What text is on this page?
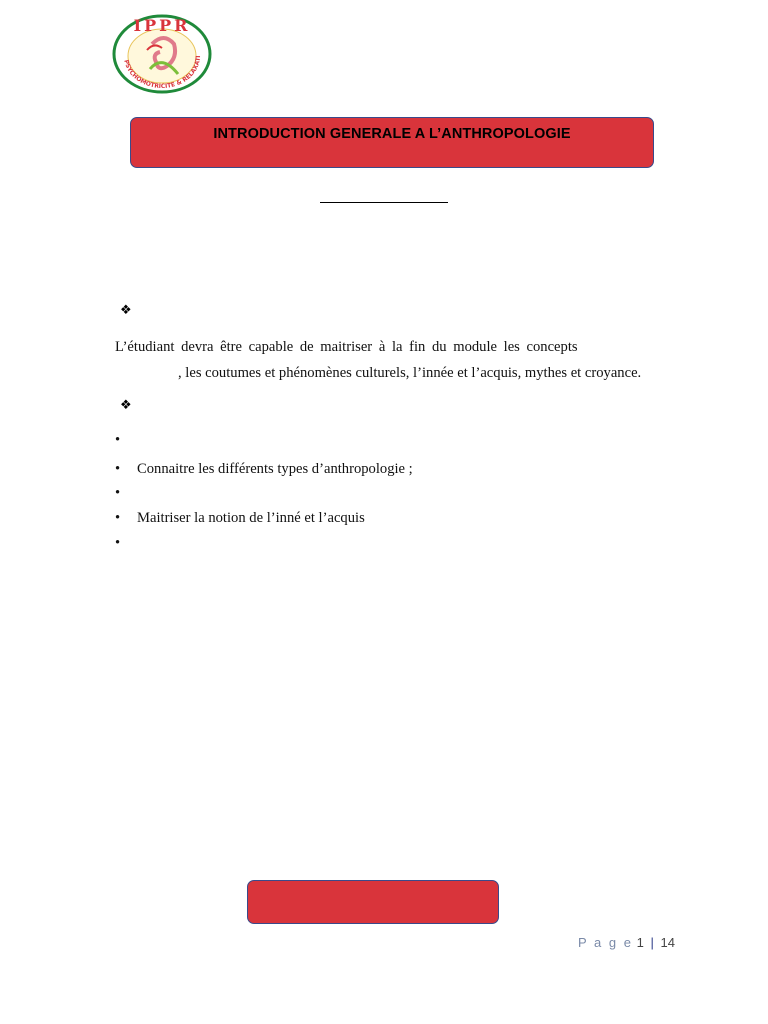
IPPR
PSYCHOMOTRICITE & RELAXATI
INTRODUCTION GENERALE A L’ANTHROPOLOGIE
❖
L’étudiant devra être capable de maitriser à la fin du module les concepts
, les coutumes et phénomènes culturels, l’innée et l’acquis, mythes et croyance.
❖
•
• Connaitre les différents types d’anthropologie ;
•
• Maitriser la notion de l’inné et l’acquis
•
P a g e 1 | 14
